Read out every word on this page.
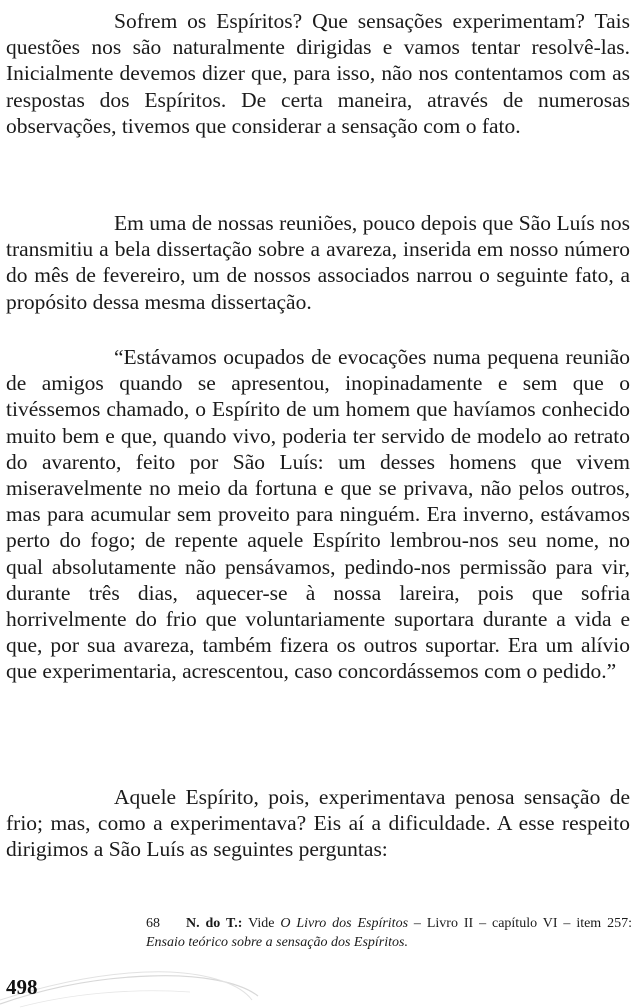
Sofrem os Espíritos? Que sensações experimentam? Tais questões nos são naturalmente dirigidas e vamos tentar resolvê-las. Inicialmente devemos dizer que, para isso, não nos contentamos com as respostas dos Espíritos. De certa maneira, através de numerosas observações, tivemos que considerar a sensação com o fato.

Em uma de nossas reuniões, pouco depois que São Luís nos transmitiu a bela dissertação sobre a avareza, inserida em nosso número do mês de fevereiro, um de nossos associados narrou o seguinte fato, a propósito dessa mesma dissertação.

“Estávamos ocupados de evocações numa pequena reunião de amigos quando se apresentou, inopinadamente e sem que o tivéssemos chamado, o Espírito de um homem que havíamos conhecido muito bem e que, quando vivo, poderia ter servido de modelo ao retrato do avarento, feito por São Luís: um desses homens que vivem miseravelmente no meio da fortuna e que se privava, não pelos outros, mas para acumular sem proveito para ninguém. Era inverno, estávamos perto do fogo; de repente aquele Espírito lembrou-nos seu nome, no qual absolutamente não pensávamos, pedindo-nos permissão para vir, durante três dias, aquecer-se à nossa lareira, pois que sofria horrivelmente do frio que voluntariamente suportara durante a vida e que, por sua avareza, também fizera os outros suportar. Era um alívio que experimentaria, acrescentou, caso concordássemos com o pedido.”

Aquele Espírito, pois, experimentava penosa sensação de frio; mas, como a experimentava? Eis aí a dificuldade. A esse respeito dirigimos a São Luís as seguintes perguntas:

68 N. do T.: Vide O Livro dos Espíritos – Livro II – capítulo VI – item 257: Ensaio teórico sobre a sensação dos Espíritos.

498
